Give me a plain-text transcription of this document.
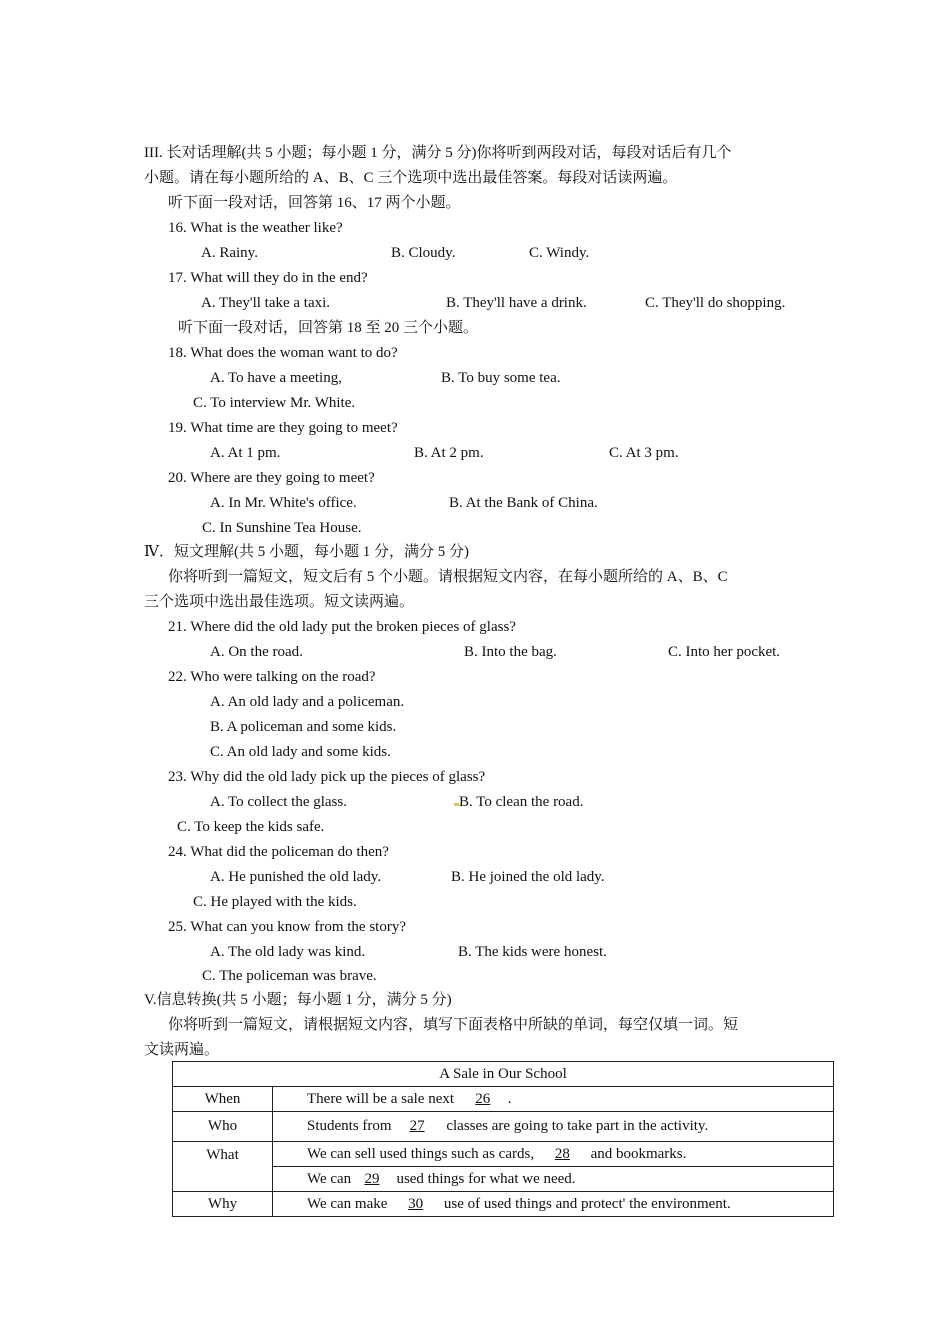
III. 长对话理解(共 5 小题；每小题 1 分，满分 5 分)你将听到两段对话，每段对话后有几个
小题。请在每小题所给的 A、B、C 三个选项中选出最佳答案。每段对话读两遍。
听下面一段对话，回答第 16、17 两个小题。
16. What is the weather like?
A. Rainy.	B. Cloudy.	C. Windy.
17. What will they do in the end?
A. They'll take a taxi.	B. They'll have a drink.	C. They'll do shopping.
听下面一段对话，回答第 18 至 20 三个小题。
18. What does the woman want to do?
A. To have a meeting,	B. To buy some tea.
C. To interview Mr. White.
19. What time are they going to meet?
A. At 1 pm.	B. At 2 pm.	C. At 3 pm.
20. Where are they going to meet?
A. In Mr. White's office.	B. At the Bank of China.
C. In Sunshine Tea House.
Ⅳ．短文理解(共 5 小题，每小题 1 分，满分 5 分)
你将听到一篇短文，短文后有 5 个小题。请根据短文内容，在每小题所给的 A、B、C
三个选项中选出最佳选项。短文读两遍。
21. Where did the old lady put the broken pieces of glass?
A. On the road.	B. Into the bag.	C. Into her pocket.
22. Who were talking on the road?
A. An old lady and a policeman.
B. A policeman and some kids.
C. An old lady and some kids.
23. Why did the old lady pick up the pieces of glass?
A. To collect the glass.	B. To clean the road.
C. To keep the kids safe.
24. What did the policeman do then?
A. He punished the old lady.	B. He joined the old lady.
C. He played with the kids.
25. What can you know from the story?
A. The old lady was kind.	B. The kids were honest.
C. The policeman was brave.
V.信息转换(共 5 小题；每小题 1 分，满分 5 分)
你将听到一篇短文，请根据短文内容，填写下面表格中所缺的单词，每空仅填一词。短
文读两遍。
A Sale in Our School	
When	There will be a sale next 26 .
Who	Students from 27 classes are going to take part in the activity.
What	We can sell used things such as cards, 28 and bookmarks.
	We can 29 used things for what we need.
Why	We can make 30 use of used things and protect' the environment.
